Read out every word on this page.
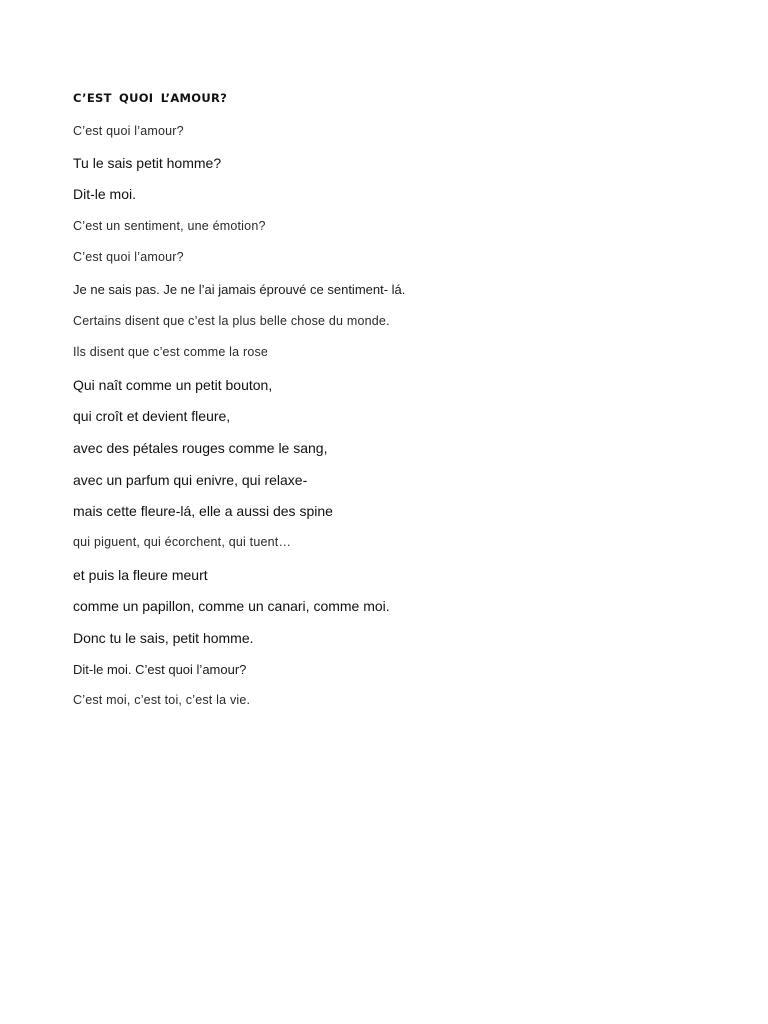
C’EST QUOI L’AMOUR?
C’est quoi l’amour?
Tu le sais petit homme?
Dit-le moi.
C’est un sentiment, une émotion?
C’est quoi l’amour?
Je ne sais pas. Je ne l’ai jamais éprouvé ce sentiment- lá.
Certains disent que c’est la plus belle chose du monde.
Ils disent que c’est comme la rose
Qui naît comme un petit bouton,
qui croît et devient fleure,
avec des pétales rouges comme le sang,
avec un parfum qui enivre, qui relaxe-
mais cette fleure-lá, elle a aussi des spine
qui piguent, qui écorchent, qui tuent…
et puis la fleure meurt
comme un papillon, comme un canari, comme moi.
Donc tu le sais, petit homme.
Dit-le moi. C’est quoi l’amour?
C’est moi, c’est toi, c’est la vie.
